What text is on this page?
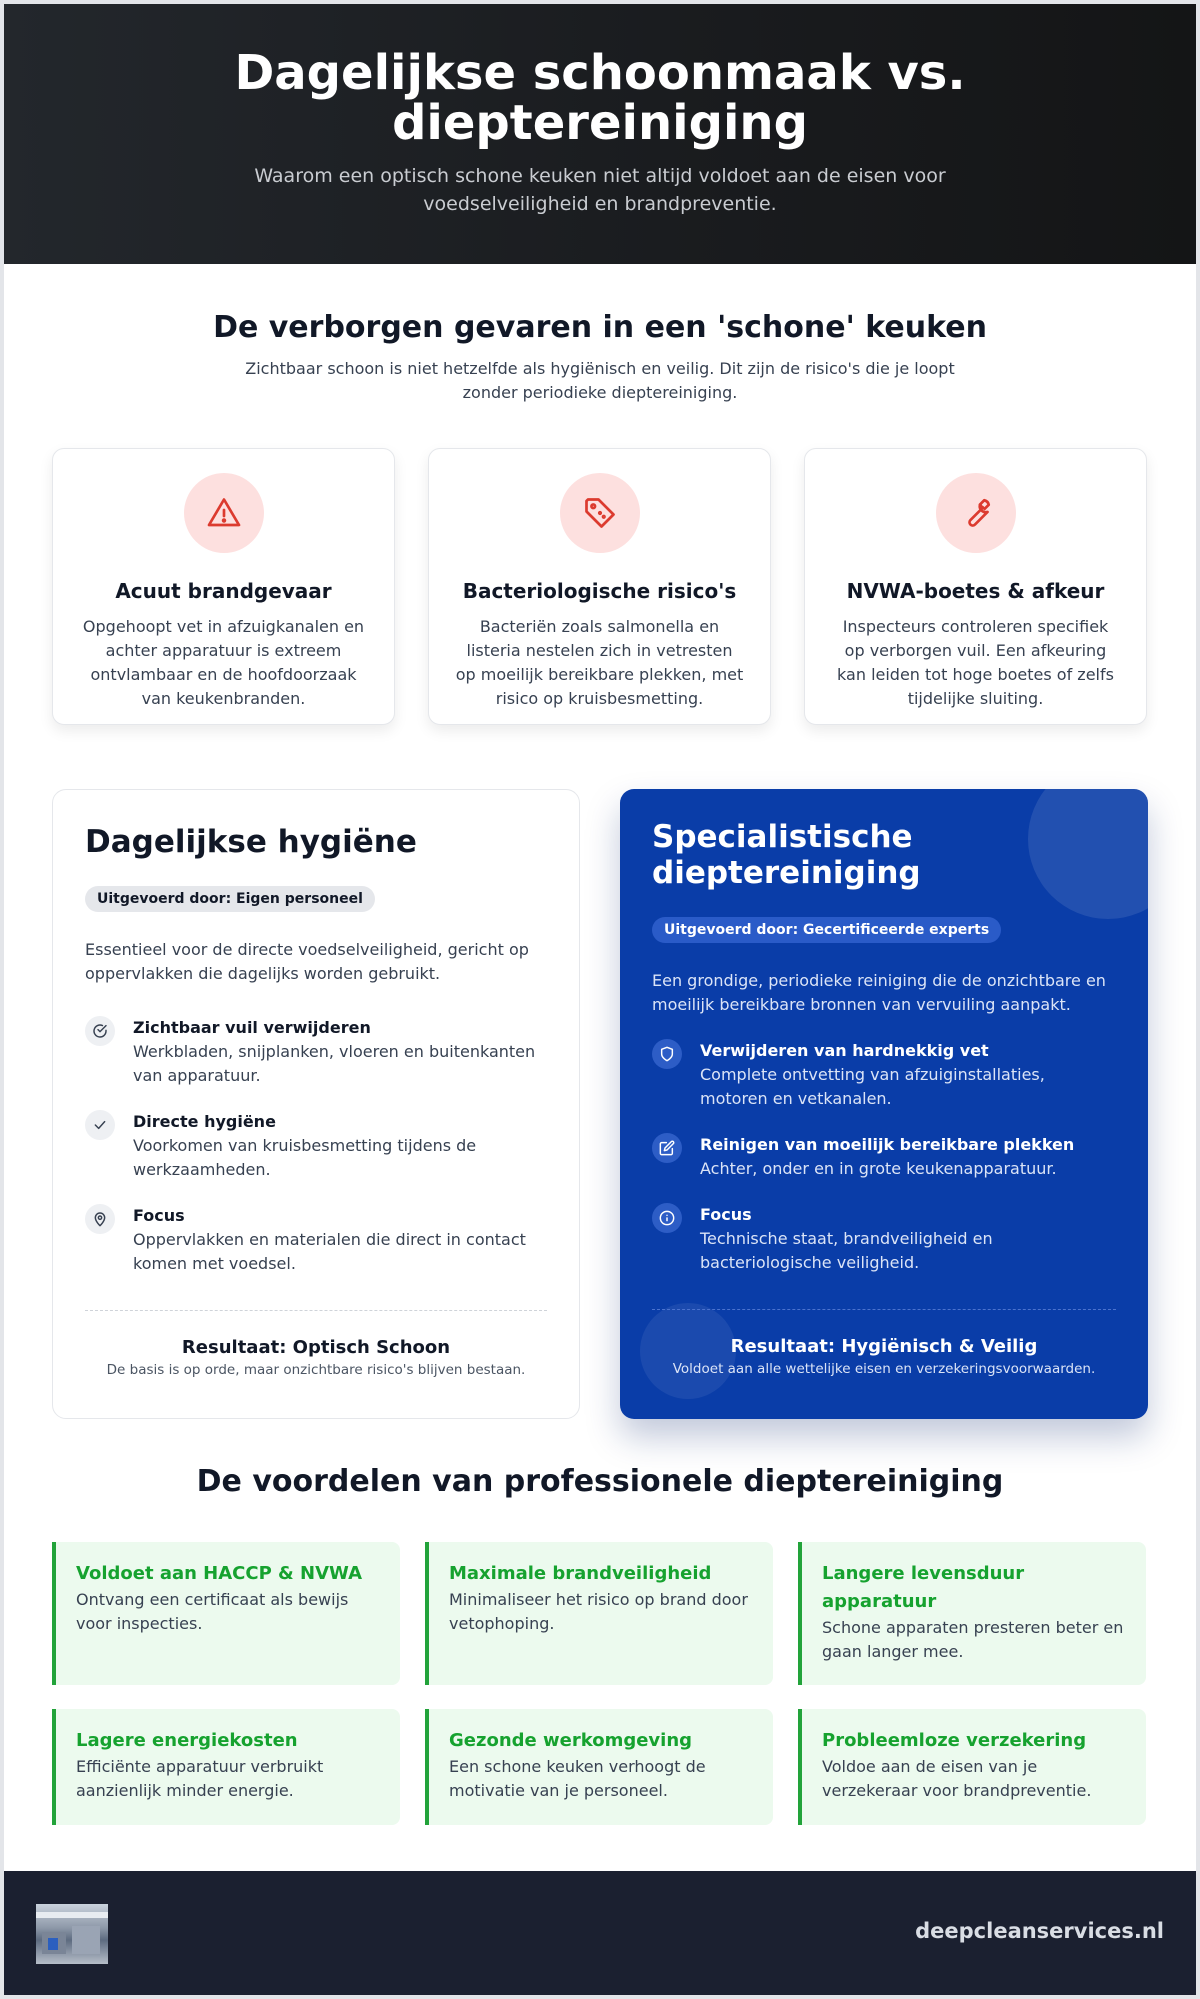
Dagelijkse schoonmaak vs. dieptereiniging

Waarom een optisch schone keuken niet altijd voldoet aan de eisen voor voedselveiligheid en brandpreventie.

De verborgen gevaren in een 'schone' keuken

Zichtbaar schoon is niet hetzelfde als hygiënisch en veilig. Dit zijn de risico's die je loopt zonder periodieke dieptereiniging.

Acuut brandgevaar

Opgehoopt vet in afzuigkanalen en achter apparatuur is extreem ontvlambaar en de hoofdoorzaak van keukenbranden.

Bacteriologische risico's

Bacteriën zoals salmonella en listeria nestelen zich in vetresten op moeilijk bereikbare plekken, met risico op kruisbesmetting.

NVWA-boetes & afkeur

Inspecteurs controleren specifiek op verborgen vuil. Een afkeuring kan leiden tot hoge boetes of zelfs tijdelijke sluiting.

Dagelijkse hygiëne
Uitgevoerd door: Eigen personeel

Essentieel voor de directe voedselveiligheid, gericht op oppervlakken die dagelijks worden gebruikt.

Zichtbaar vuil verwijderen
Werkbladen, snijplanken, vloeren en buitenkanten van apparatuur.
Directe hygiëne
Voorkomen van kruisbesmetting tijdens de werkzaamheden.
Focus
Oppervlakken en materialen die direct in contact komen met voedsel.
Resultaat: Optisch Schoon
De basis is op orde, maar onzichtbare risico's blijven bestaan.
Specialistische dieptereiniging
Uitgevoerd door: Gecertificeerde experts

Een grondige, periodieke reiniging die de onzichtbare en moeilijk bereikbare bronnen van vervuiling aanpakt.

Verwijderen van hardnekkig vet
Complete ontvetting van afzuiginstallaties, motoren en vetkanalen.
Reinigen van moeilijk bereikbare plekken
Achter, onder en in grote keukenapparatuur.
Focus
Technische staat, brandveiligheid en bacteriologische veiligheid.
Resultaat: Hygiënisch & Veilig
Voldoet aan alle wettelijke eisen en verzekeringsvoorwaarden.
De voordelen van professionele dieptereiniging
Voldoet aan HACCP & NVWA
Ontvang een certificaat als bewijs voor inspecties.
Maximale brandveiligheid
Minimaliseer het risico op brand door vetophoping.
Langere levensduur apparatuur
Schone apparaten presteren beter en gaan langer mee.
Lagere energiekosten
Efficiënte apparatuur verbruikt aanzienlijk minder energie.
Gezonde werkomgeving
Een schone keuken verhoogt de motivatie van je personeel.
Probleemloze verzekering
Voldoe aan de eisen van je verzekeraar voor brandpreventie.
deepcleanservices.nl
